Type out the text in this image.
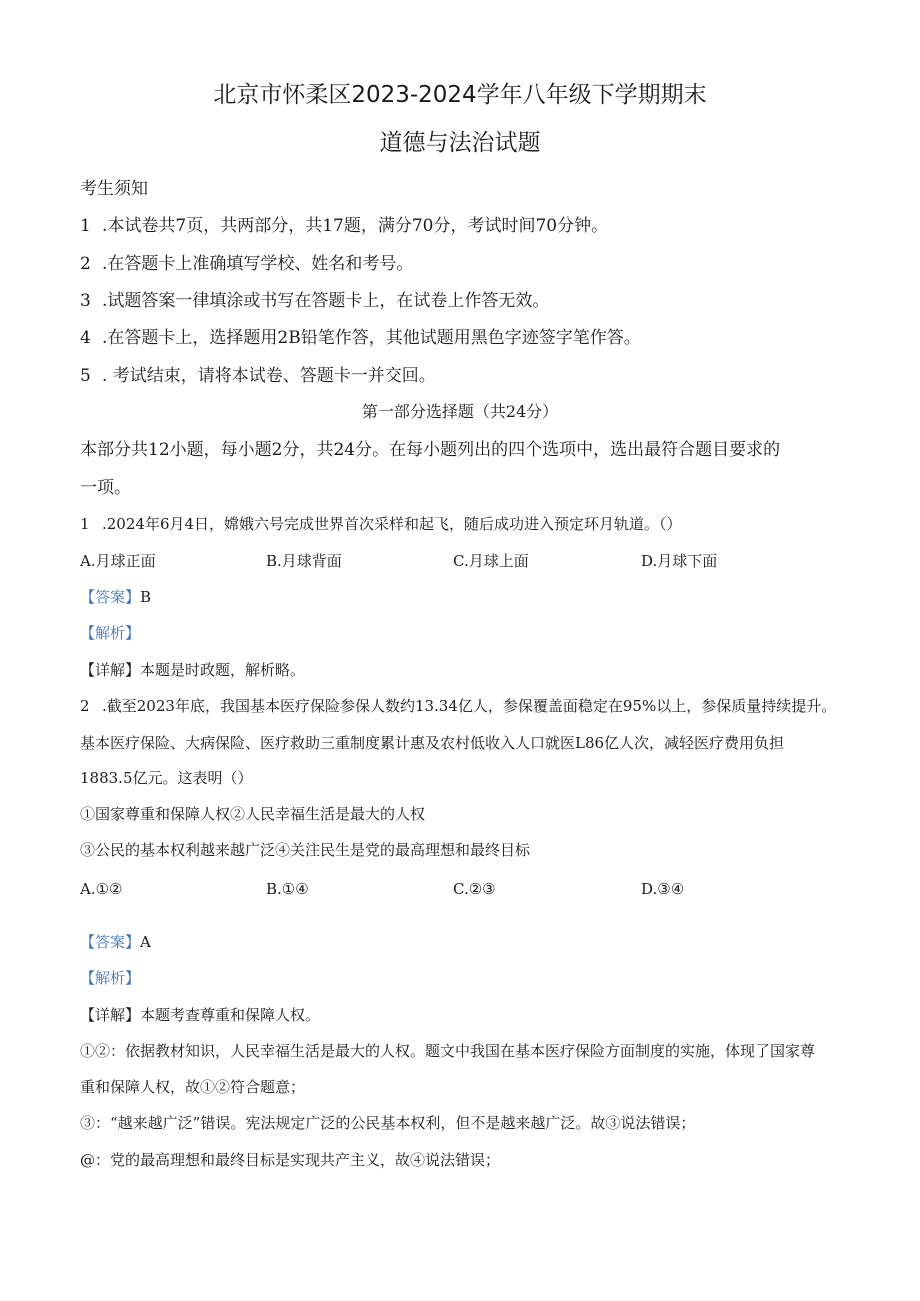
北京市怀柔区2023-2024学年八年级下学期期末
道德与法治试题
考生须知
1 .本试卷共7页，共两部分，共17题，满分70分，考试时间70分钟。
2 .在答题卡上准确填写学校、姓名和考号。
3 .试题答案一律填涂或书写在答题卡上，在试卷上作答无效。
4 .在答题卡上，选择题用2B铅笔作答，其他试题用黑色字迹签字笔作答。
5 . 考试结束，请将本试卷、答题卡一并交回。
第一部分选择题（共24分）
本部分共12小题，每小题2分，共24分。在每小题列出的四个选项中，选出最符合题目要求的
一项。
1 .2024年6月4日，嫦娥六号完成世界首次采样和起飞，随后成功进入预定环月轨道。（）
A.月球正面	B.月球背面	C.月球上面	D.月球下面
【答案】B
【解析】
【详解】本题是时政题，解析略。
2 .截至2023年底，我国基本医疗保险参保人数约13.34亿人，参保覆盖面稳定在95%以上，参保质量持续提升。
基本医疗保险、大病保险、医疗救助三重制度累计惠及农村低收入人口就医L86亿人次，减轻医疗费用负担
1883.5亿元。这表明（）
①国家尊重和保障人权②人民幸福生活是最大的人权
③公民的基本权利越来越广泛④关注民生是党的最高理想和最终目标
A.①②	B.①④	C.②③	D.③④
【答案】A
【解析】
【详解】本题考查尊重和保障人权。
①②：依据教材知识，人民幸福生活是最大的人权。题文中我国在基本医疗保险方面制度的实施，体现了国家尊
重和保障人权，故①②符合题意；
③：“越来越广泛”错误。宪法规定广泛的公民基本权利，但不是越来越广泛。故③说法错误；
@：党的最高理想和最终目标是实现共产主义，故④说法错误；
